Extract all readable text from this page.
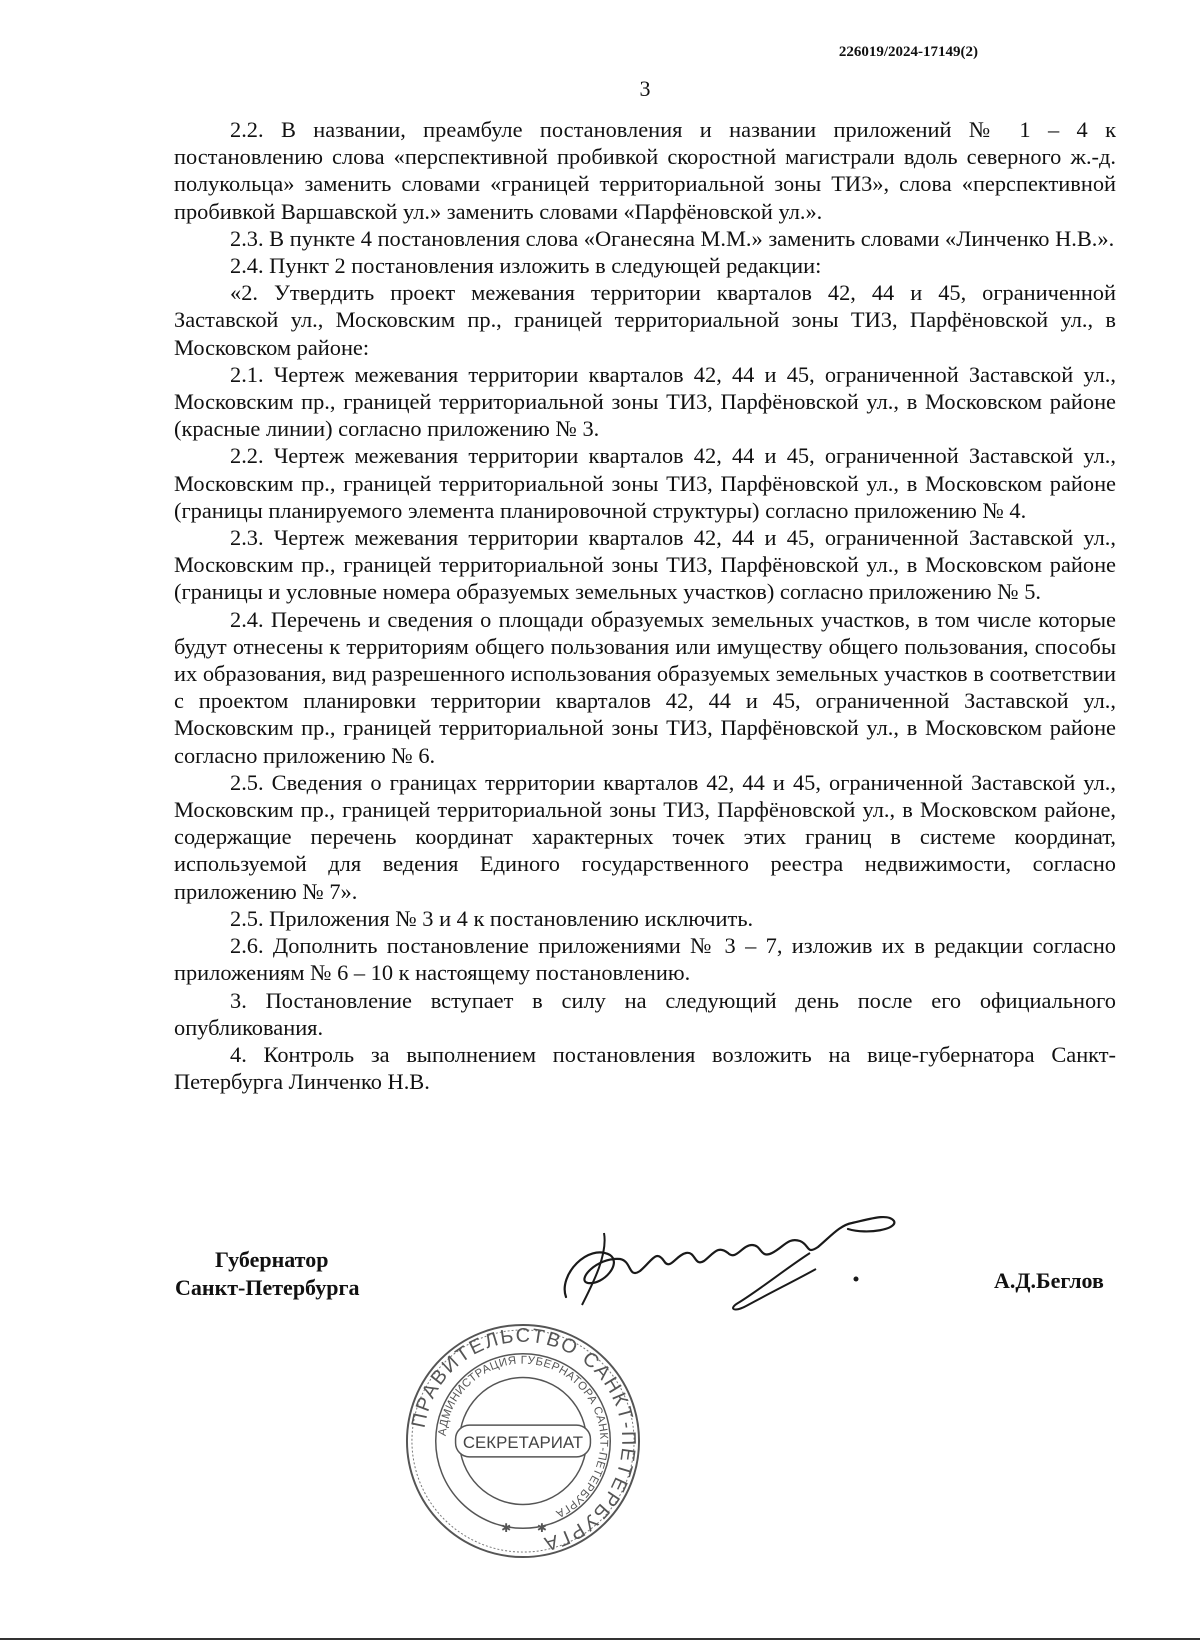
226019/2024-17149(2)
3

2.2. В названии, преамбуле постановления и названии приложений № 1 – 4 к постановлению слова «перспективной пробивкой скоростной магистрали вдоль северного ж.-д. полукольца» заменить словами «границей территориальной зоны ТИ3», слова «перспективной пробивкой Варшавской ул.» заменить словами «Парфёновской ул.».

2.3. В пункте 4 постановления слова «Оганесяна М.М.» заменить словами «Линченко Н.В.».

2.4. Пункт 2 постановления изложить в следующей редакции:

«2. Утвердить проект межевания территории кварталов 42, 44 и 45, ограниченной Заставской ул., Московским пр., границей территориальной зоны ТИ3, Парфёновской ул., в Московском районе:

2.1. Чертеж межевания территории кварталов 42, 44 и 45, ограниченной Заставской ул., Московским пр., границей территориальной зоны ТИ3, Парфёновской ул., в Московском районе (красные линии) согласно приложению № 3.

2.2. Чертеж межевания территории кварталов 42, 44 и 45, ограниченной Заставской ул., Московским пр., границей территориальной зоны ТИ3, Парфёновской ул., в Московском районе (границы планируемого элемента планировочной структуры) согласно приложению № 4.

2.3. Чертеж межевания территории кварталов 42, 44 и 45, ограниченной Заставской ул., Московским пр., границей территориальной зоны ТИ3, Парфёновской ул., в Московском районе (границы и условные номера образуемых земельных участков) согласно приложению № 5.

2.4. Перечень и сведения о площади образуемых земельных участков, в том числе которые будут отнесены к территориям общего пользования или имуществу общего пользования, способы их образования, вид разрешенного использования образуемых земельных участков в соответствии с проектом планировки территории кварталов 42, 44 и 45, ограниченной Заставской ул., Московским пр., границей территориальной зоны ТИ3, Парфёновской ул., в Московском районе согласно приложению № 6.

2.5. Сведения о границах территории кварталов 42, 44 и 45, ограниченной Заставской ул., Московским пр., границей территориальной зоны ТИ3, Парфёновской ул., в Московском районе, содержащие перечень координат характерных точек этих границ в системе координат, используемой для ведения Единого государственного реестра недвижимости, согласно приложению № 7».

2.5. Приложения № 3 и 4 к постановлению исключить.

2.6. Дополнить постановление приложениями № 3 – 7, изложив их в редакции согласно приложениям № 6 – 10 к настоящему постановлению.

3. Постановление вступает в силу на следующий день после его официального опубликования.

4. Контроль за выполнением постановления возложить на вице-губернатора Санкт-Петербурга Линченко Н.В.

Губернатор
Санкт-Петербурга	А.Д.Беглов
ПРАВИТЕЛЬСТВО САНКТ-ПЕТЕРБУРГА
АДМИНИСТРАЦИЯ ГУБЕРНАТОРА САНКТ-ПЕТЕРБУРГА
СЕКРЕТАРИАТ
✱ ✱
